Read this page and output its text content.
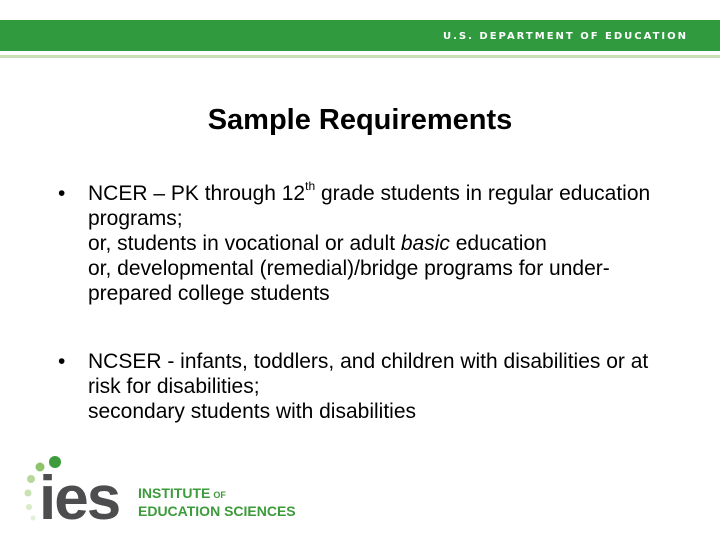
U.S. DEPARTMENT OF EDUCATION
Sample Requirements
•	NCER – PK through 12th grade students in regular education programs;
or, students in vocational or adult basic education
or, developmental (remedial)/bridge programs for under-prepared college students
•	NCSER - infants, toddlers, and children with disabilities or at risk for disabilities;
secondary students with disabilities
ies INSTITUTE OF
EDUCATION SCIENCES
